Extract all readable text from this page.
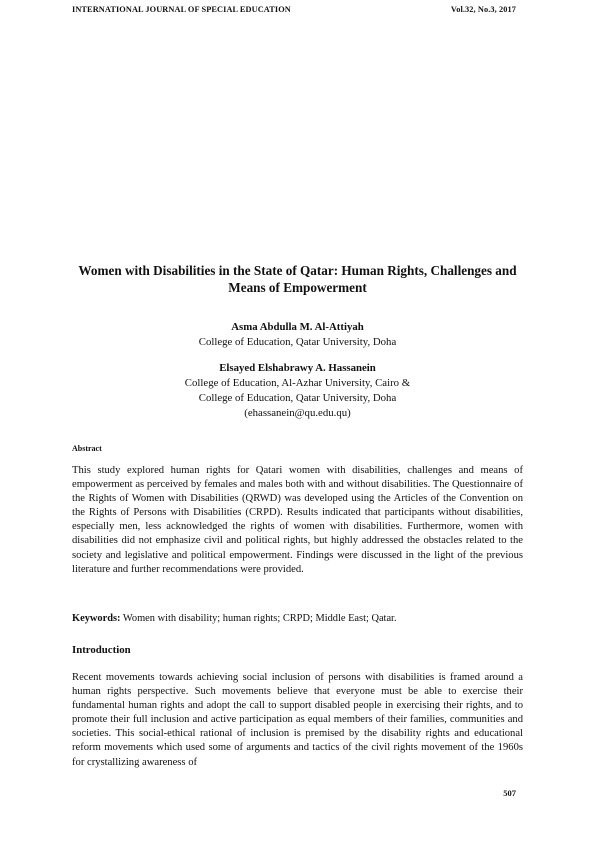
INTERNATIONAL JOURNAL OF SPECIAL EDUCATION	Vol.32, No.3, 2017
Women with Disabilities in the State of Qatar: Human Rights, Challenges and Means of Empowerment
Asma Abdulla M. Al-Attiyah
College of Education, Qatar University, Doha
Elsayed Elshabrawy A. Hassanein
College of Education, Al-Azhar University, Cairo &
College of Education, Qatar University, Doha
(ehassanein@qu.edu.qu)
Abstract
This study explored human rights for Qatari women with disabilities, challenges and means of empowerment as perceived by females and males both with and without disabilities. The Questionnaire of the Rights of Women with Disabilities (QRWD) was developed using the Articles of the Convention on the Rights of Persons with Disabilities (CRPD). Results indicated that participants without disabilities, especially men, less acknowledged the rights of women with disabilities. Furthermore, women with disabilities did not emphasize civil and political rights, but highly addressed the obstacles related to the society and legislative and political empowerment. Findings were discussed in the light of the previous literature and further recommendations were provided.
Keywords: Women with disability; human rights; CRPD; Middle East; Qatar.
Introduction
Recent movements towards achieving social inclusion of persons with disabilities is framed around a human rights perspective. Such movements believe that everyone must be able to exercise their fundamental human rights and adopt the call to support disabled people in exercising their rights, and to promote their full inclusion and active participation as equal members of their families, communities and societies. This social-ethical rational of inclusion is premised by the disability rights and educational reform movements which used some of arguments and tactics of the civil rights movement of the 1960s for crystallizing awareness of
507
